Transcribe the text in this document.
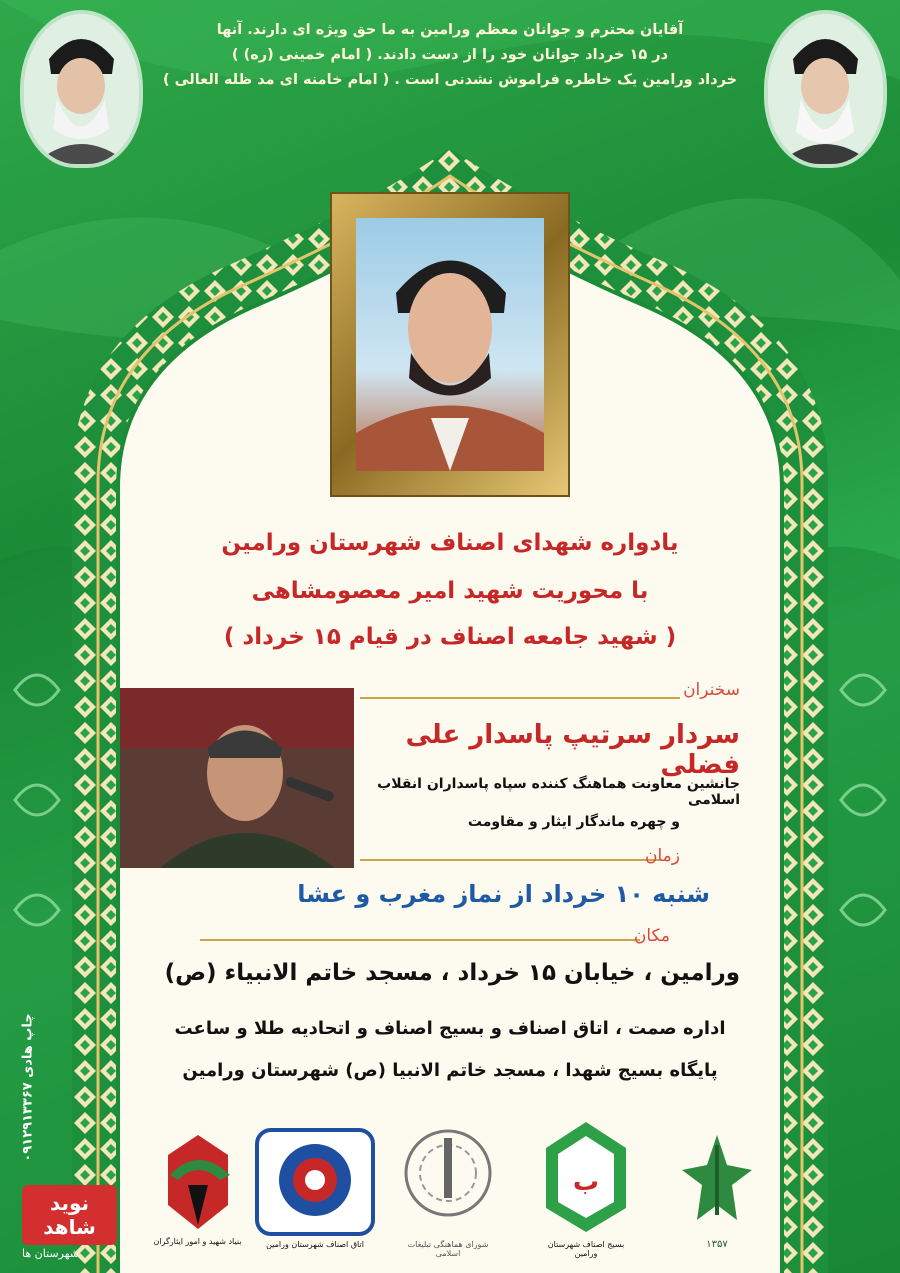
آقایان محترم و جوانان معظم ورامین به ما حق ویژه ای دارند. آنها
در ۱۵ خرداد جوانان خود را از دست دادند. ( امام خمینی (ره) )
خرداد ورامین یک خاطره فراموش نشدنی است . ( امام خامنه ای مد ظله العالی )
یادواره شهدای اصناف شهرستان ورامین
با محوریت شهید امیر معصومشاهی
( شهید جامعه اصناف در قیام ۱۵ خرداد )
سخنران
سردار سرتیپ پاسدار علی فضلی
جانشین معاونت هماهنگ کننده سپاه پاسداران انقلاب اسلامی
و چهره ماندگار ایثار و مقاومت
زمان
شنبه ۱۰ خرداد از نماز مغرب و عشا
مکان
ورامین ، خیابان ۱۵ خرداد ، مسجد خاتم الانبیاء (ص)
اداره صمت ، اتاق اصناف و بسیج اصناف و اتحادیه طلا و ساعت
پایگاه بسیج شهدا ، مسجد خاتم الانبیا (ص) شهرستان ورامین
چاپ هادی ۰۹۱۲۹۱۳۳۶۷
۱۳۵۷
ب
بسیج اصناف شهرستان ورامین
شورای هماهنگی تبلیغات اسلامی
اتاق اصناف شهرستان ورامین
بنیاد شهید و امور ایثارگران
نوید شاهد
شهرستان ها
